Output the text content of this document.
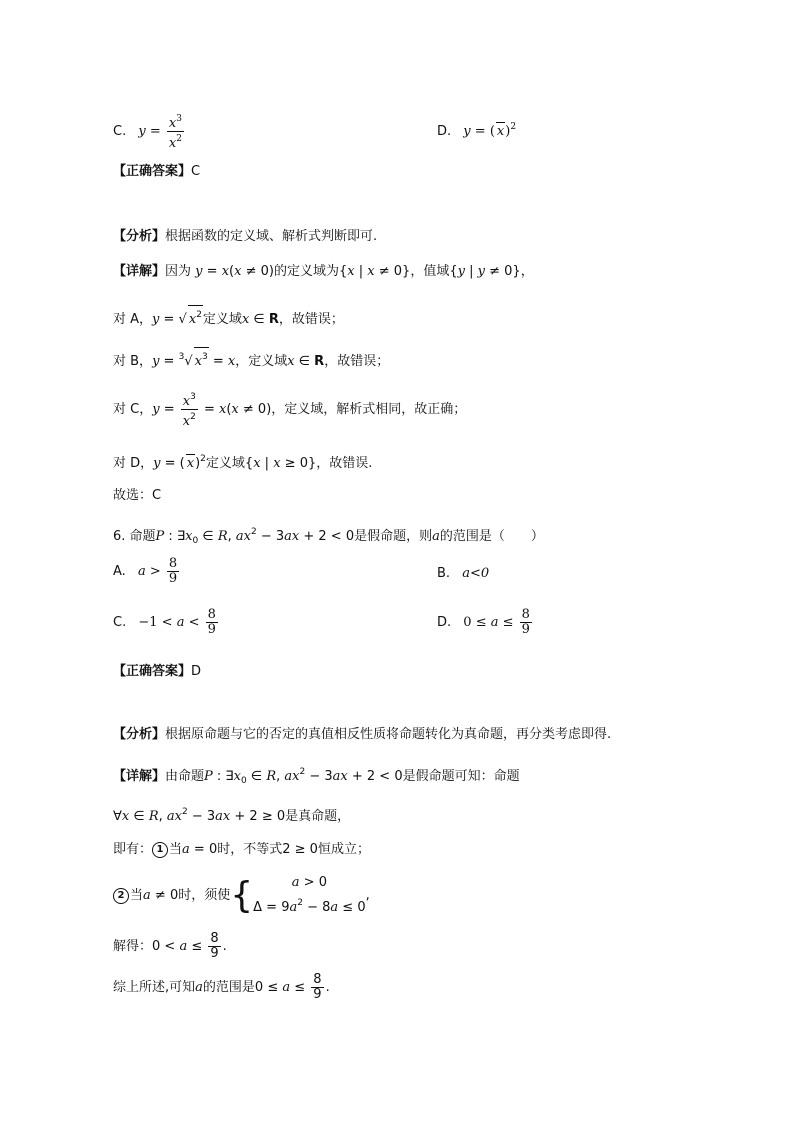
C. $y = \frac{x^3}{x^2}$	D. y = ( x)$^2$
【正确答案】C
【分析】根据函数的定义域、解析式判断即可.
【详解】因为 y = x(x ≠ 0)的定义域为{x | x ≠ 0}，值域{y | y ≠ 0}，
对 A，y = √ $x^2$定义域x ∈ R，故错误；
对 B，y = $^3$√ $x^3 = x$，定义域x ∈ R，故错误；
对 C，$y = \frac{x^3}{x^2} = x(x \ne 0)$，定义域，解析式相同，故正确；
对 D，y = ( x)$^2$定义域{x | x ≥ 0}，故错误.
故选：C
6. 命题P : $\exists x_0$ ∈ R, $ax^2 - 3ax + 2 < 0$是假命题，则a的范围是（　　）
A. $a > \frac{8}{9}$	B. a<0
C. $-1 < a < \frac{8}{9}$	D. $0 \le a \le \frac{8}{9}$
【正确答案】D
【分析】根据原命题与它的否定的真值相反性质将命题转化为真命题，再分类考虑即得.
【详解】由命题P : $\exists x_0$ ∈ R, $ax^2 - 3ax + 2 < 0$是假命题可知：命题
∀x ∈ R, $ax^2 - 3ax + 2 \ge 0$是真命题，
即有： 1 当a = 0时，不等式2 ≥ 0恒成立；
2 当a ≠ 0时，须使{	a > 0
$\Delta = 9a^2 - 8a \le 0$
,
解得：$0 < a \le \frac{8}{9}$ .
综上所述,可知a的范围是$0 \le a \le \frac{8}{9}$ .
